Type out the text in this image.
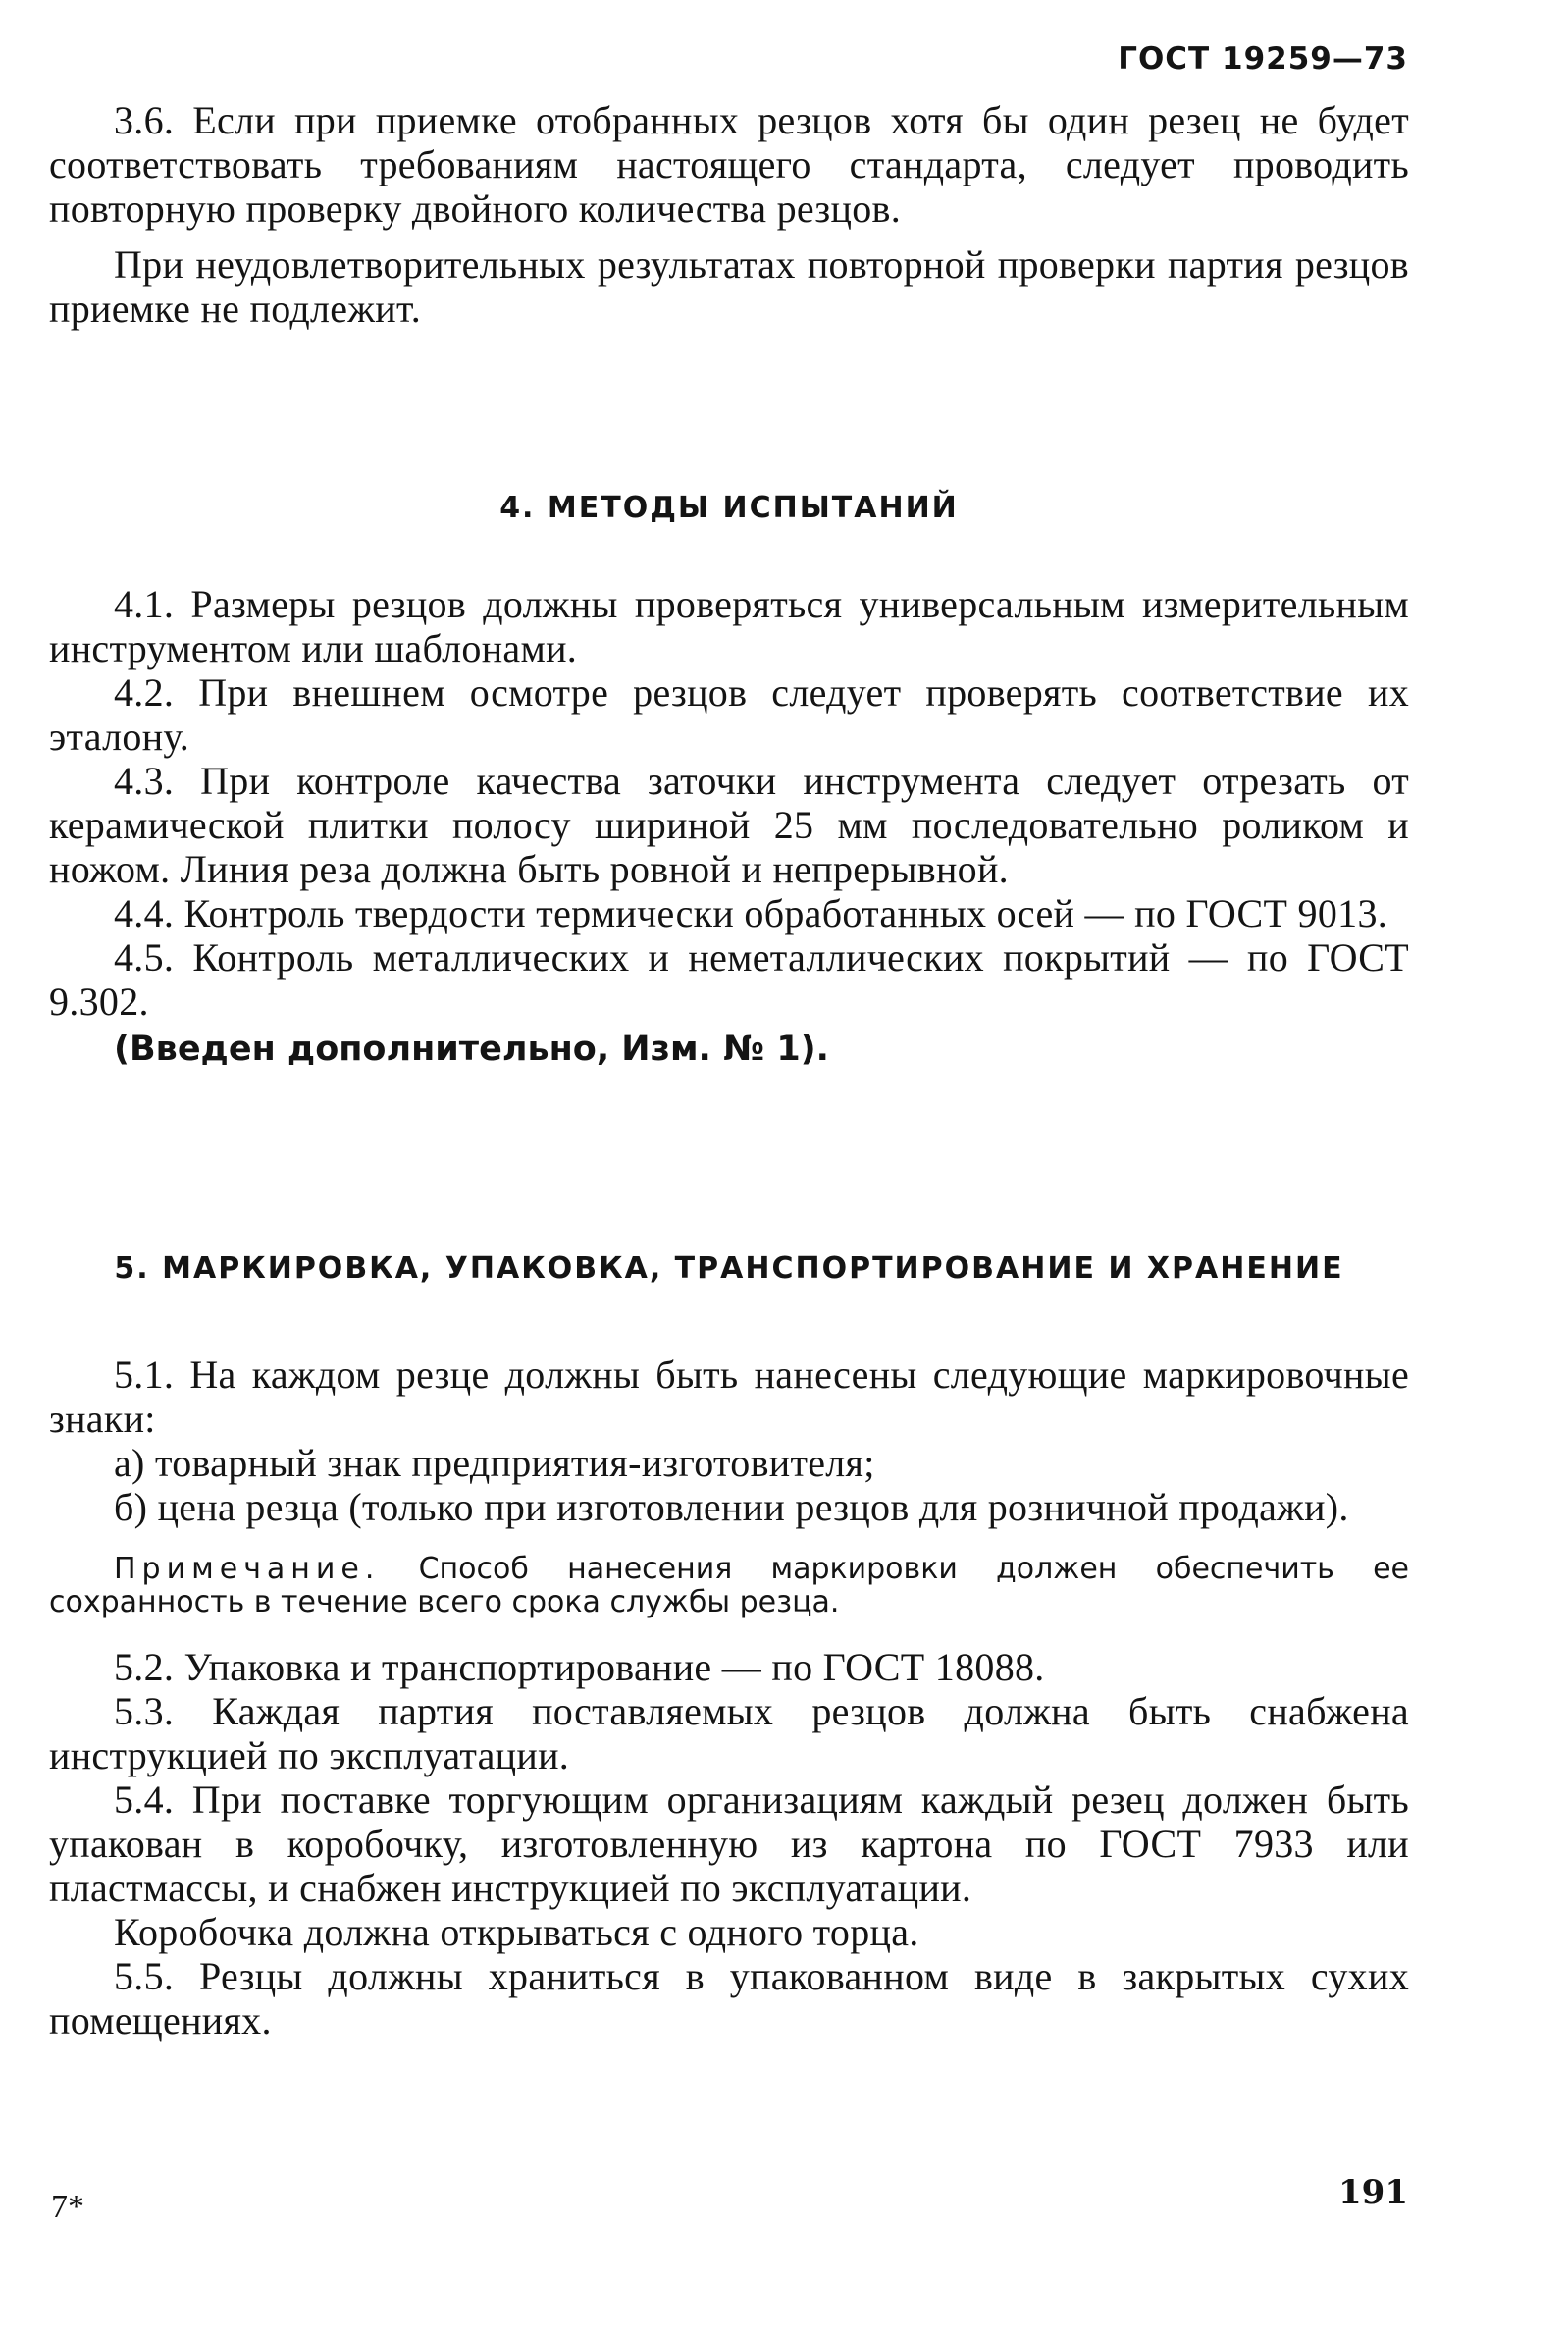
ГОСТ 19259—73

3.6. Если при приемке отобранных резцов хотя бы один резец не будет соответствовать требованиям настоящего стандарта, следует проводить повторную проверку двойного количества резцов.

При неудовлетворительных результатах повторной проверки партия резцов приемке не подлежит.

4. МЕТОДЫ ИСПЫТАНИЙ

4.1. Размеры резцов должны проверяться универсальным измерительным инструментом или шаблонами.

4.2. При внешнем осмотре резцов следует проверять соответствие их эталону.

4.3. При контроле качества заточки инструмента следует отрезать от керамической плитки полосу шириной 25 мм последовательно роликом и ножом. Линия реза должна быть ровной и непрерывной.

4.4. Контроль твердости термически обработанных осей — по ГОСТ 9013.

4.5. Контроль металлических и неметаллических покрытий — по ГОСТ 9.302.

(Введен дополнительно, Изм. № 1).

5. МАРКИРОВКА, УПАКОВКА, ТРАНСПОРТИРОВАНИЕ И ХРАНЕНИЕ

5.1. На каждом резце должны быть нанесены следующие маркировочные знаки:

а) товарный знак предприятия-изготовителя;

б) цена резца (только при изготовлении резцов для розничной продажи).

Примечание. Способ нанесения маркировки должен обеспечить ее сохранность в течение всего срока службы резца.

5.2. Упаковка и транспортирование — по ГОСТ 18088.

5.3. Каждая партия поставляемых резцов должна быть снабжена инструкцией по эксплуатации.

5.4. При поставке торгующим организациям каждый резец должен быть упакован в коробочку, изготовленную из картона по ГОСТ 7933 или пластмассы, и снабжен инструкцией по эксплуатации.

Коробочка должна открываться с одного торца.

5.5. Резцы должны храниться в упакованном виде в закрытых сухих помещениях.

191
7*
